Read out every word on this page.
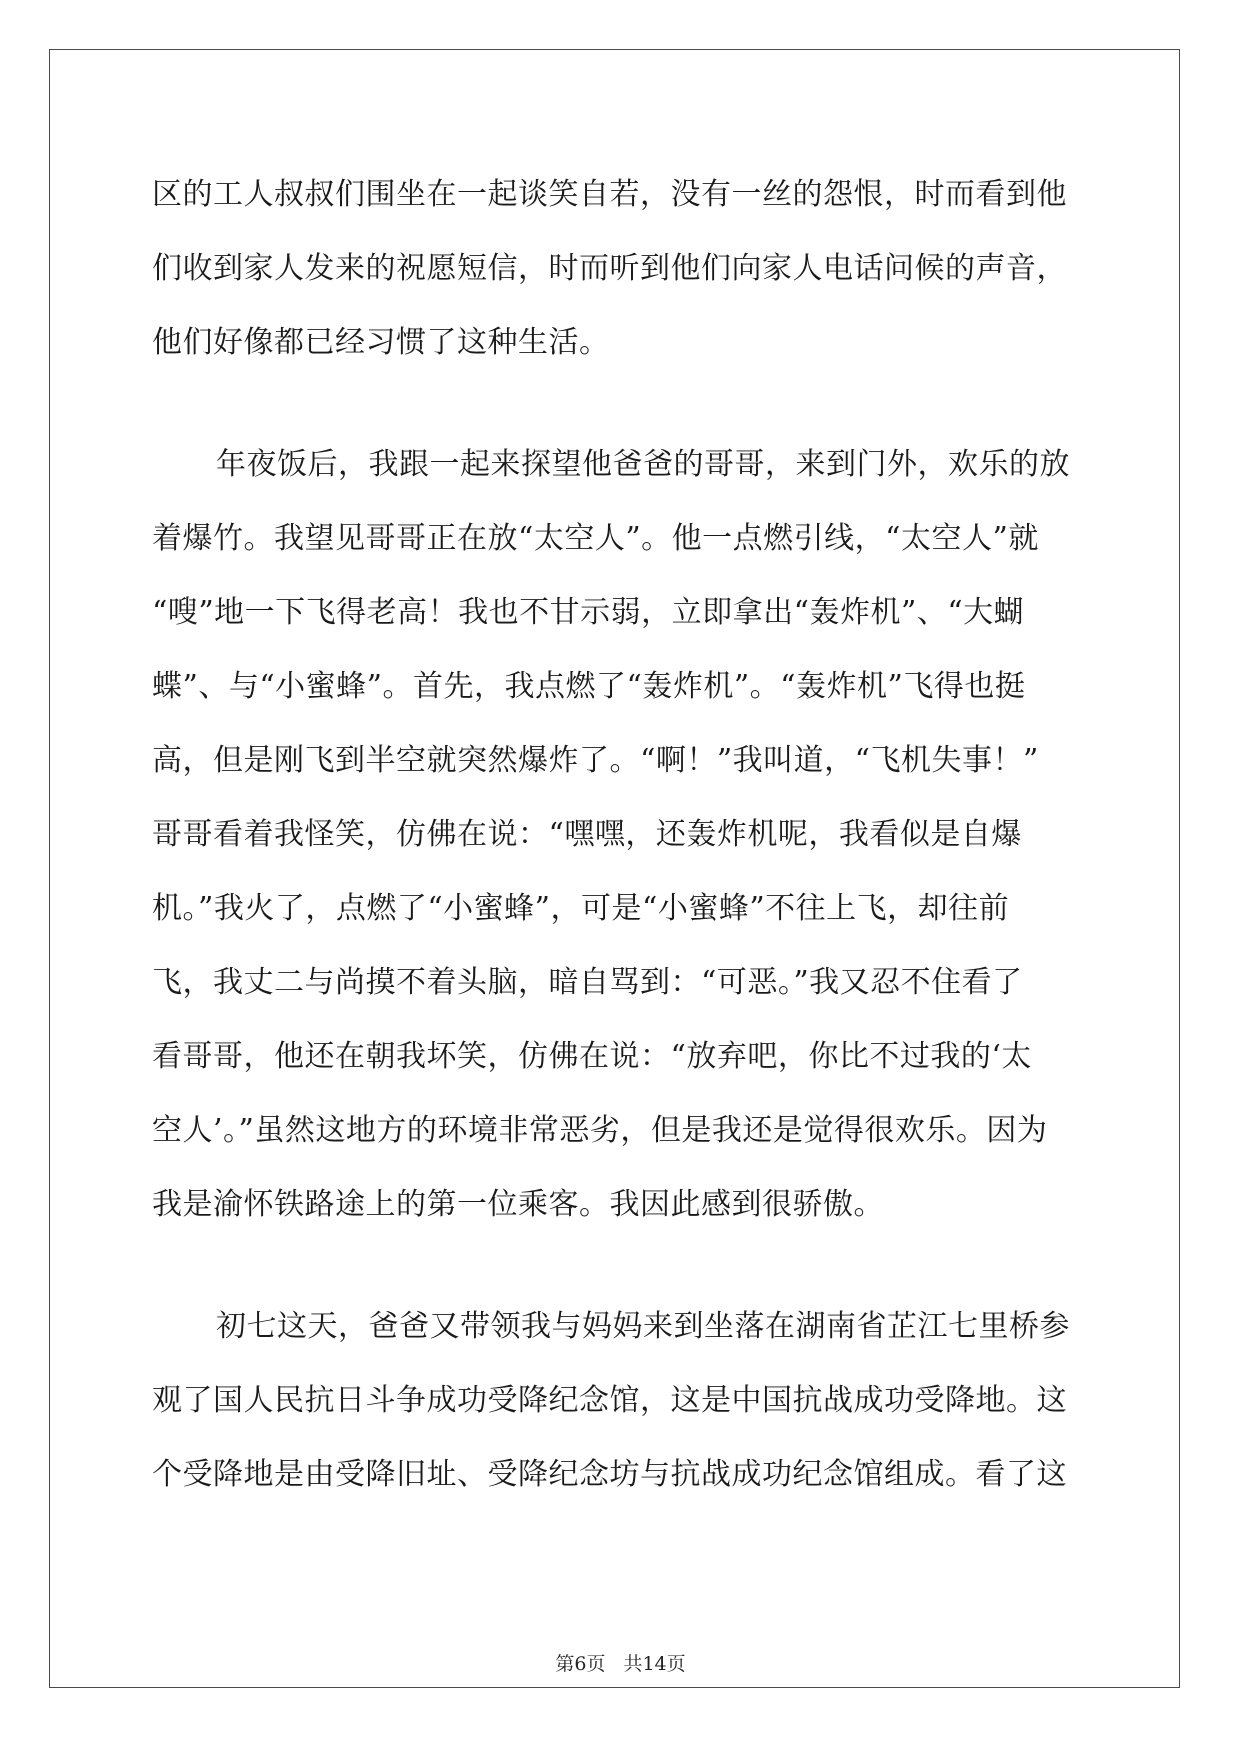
区的工人叔叔们围坐在一起谈笑自若，没有一丝的怨恨，时而看到他
们收到家人发来的祝愿短信，时而听到他们向家人电话问候的声音，
他们好像都已经习惯了这种生活。
年夜饭后，我跟一起来探望他爸爸的哥哥，来到门外，欢乐的放
着爆竹。我望见哥哥正在放“太空人”。他一点燃引线，“太空人”就
“嗖”地一下飞得老高！我也不甘示弱，立即拿出“轰炸机”、“大蝴
蝶”、与“小蜜蜂”。首先，我点燃了“轰炸机”。“轰炸机”飞得也挺
高，但是刚飞到半空就突然爆炸了。“啊！”我叫道，“飞机失事！”
哥哥看着我怪笑，仿佛在说：“嘿嘿，还轰炸机呢，我看似是自爆
机。”我火了，点燃了“小蜜蜂”，可是“小蜜蜂”不往上飞，却往前
飞，我丈二与尚摸不着头脑，暗自骂到：“可恶。”我又忍不住看了
看哥哥，他还在朝我坏笑，仿佛在说：“放弃吧，你比不过我的‘太
空人’。”虽然这地方的环境非常恶劣，但是我还是觉得很欢乐。因为
我是渝怀铁路途上的第一位乘客。我因此感到很骄傲。
初七这天，爸爸又带领我与妈妈来到坐落在湖南省芷江七里桥参
观了国人民抗日斗争成功受降纪念馆，这是中国抗战成功受降地。这
个受降地是由受降旧址、受降纪念坊与抗战成功纪念馆组成。看了这
第6页 共14页
